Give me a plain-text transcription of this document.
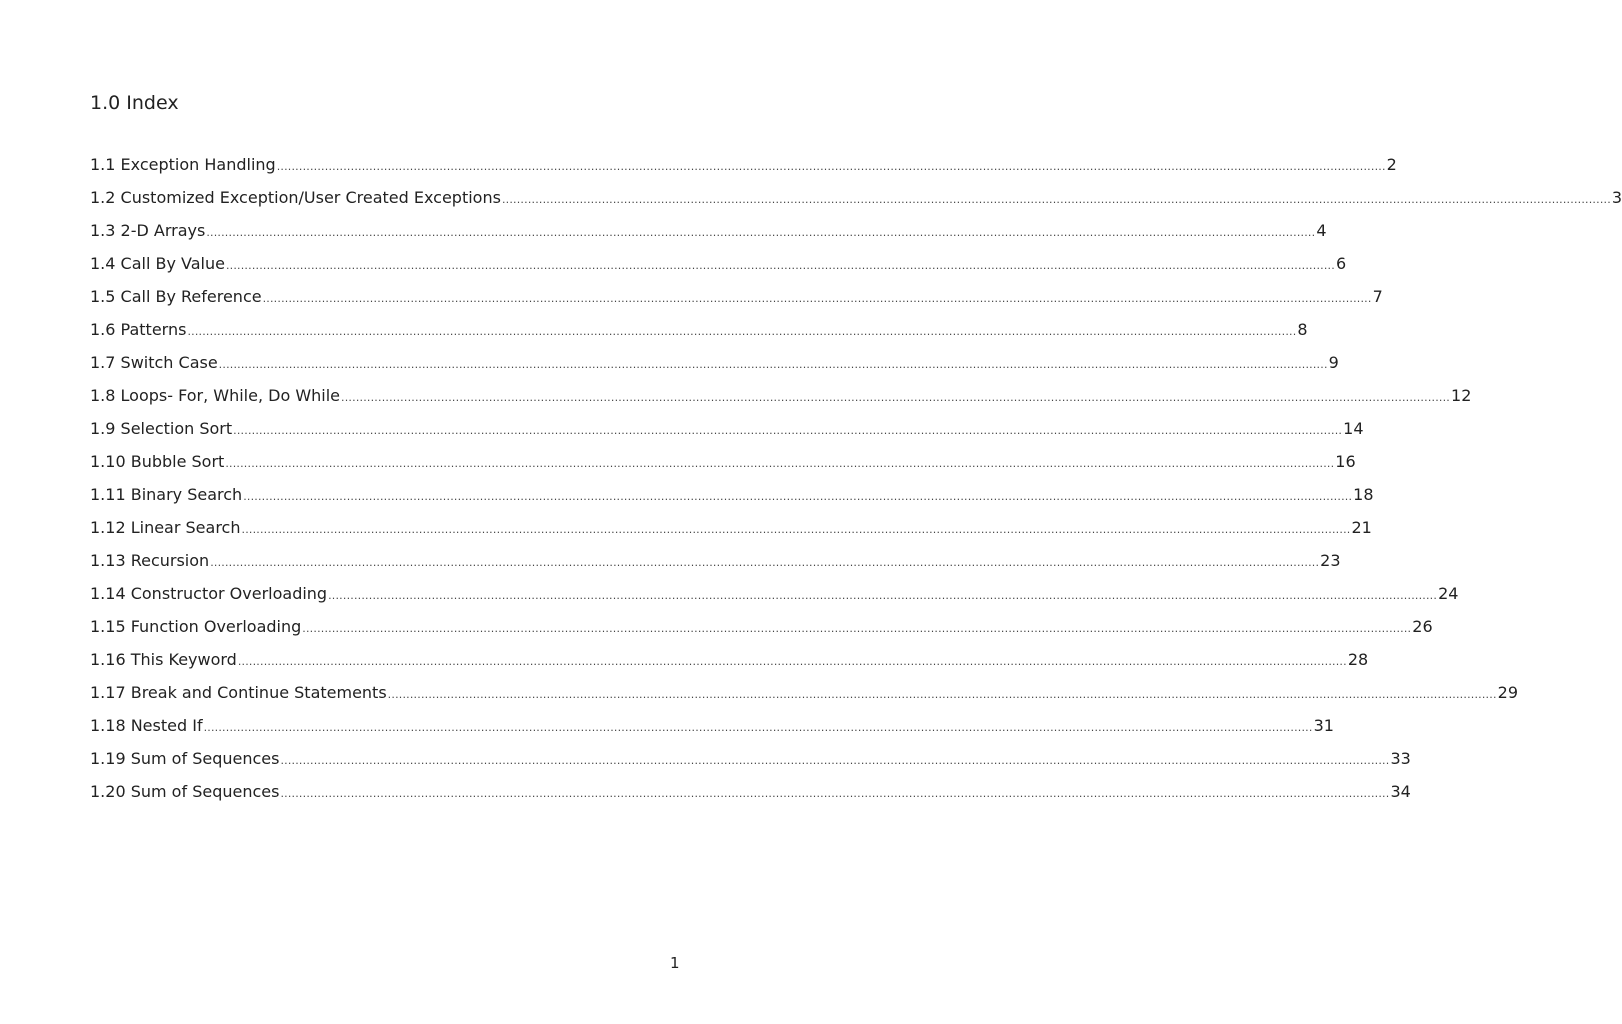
1.0 Index
1.1 Exception Handling ............................................................................................................................................................................................................................................................................................................ 2
1.2 Customized Exception/User Created Exceptions ............................................................................................................................................................................................................................................................................................................ 3
1.3 2-D Arrays ............................................................................................................................................................................................................................................................................................................ 4
1.4 Call By Value ............................................................................................................................................................................................................................................................................................................ 6
1.5 Call By Reference ............................................................................................................................................................................................................................................................................................................ 7
1.6 Patterns ............................................................................................................................................................................................................................................................................................................ 8
1.7 Switch Case ............................................................................................................................................................................................................................................................................................................ 9
1.8 Loops- For, While, Do While ............................................................................................................................................................................................................................................................................................................ 12
1.9 Selection Sort ............................................................................................................................................................................................................................................................................................................ 14
1.10 Bubble Sort ............................................................................................................................................................................................................................................................................................................ 16
1.11 Binary Search ............................................................................................................................................................................................................................................................................................................ 18
1.12 Linear Search ............................................................................................................................................................................................................................................................................................................ 21
1.13 Recursion ............................................................................................................................................................................................................................................................................................................ 23
1.14 Constructor Overloading ............................................................................................................................................................................................................................................................................................................ 24
1.15 Function Overloading ............................................................................................................................................................................................................................................................................................................ 26
1.16 This Keyword ............................................................................................................................................................................................................................................................................................................ 28
1.17 Break and Continue Statements ............................................................................................................................................................................................................................................................................................................ 29
1.18 Nested If ............................................................................................................................................................................................................................................................................................................ 31
1.19 Sum of Sequences ............................................................................................................................................................................................................................................................................................................ 33
1.20 Sum of Sequences ............................................................................................................................................................................................................................................................................................................ 34
1
